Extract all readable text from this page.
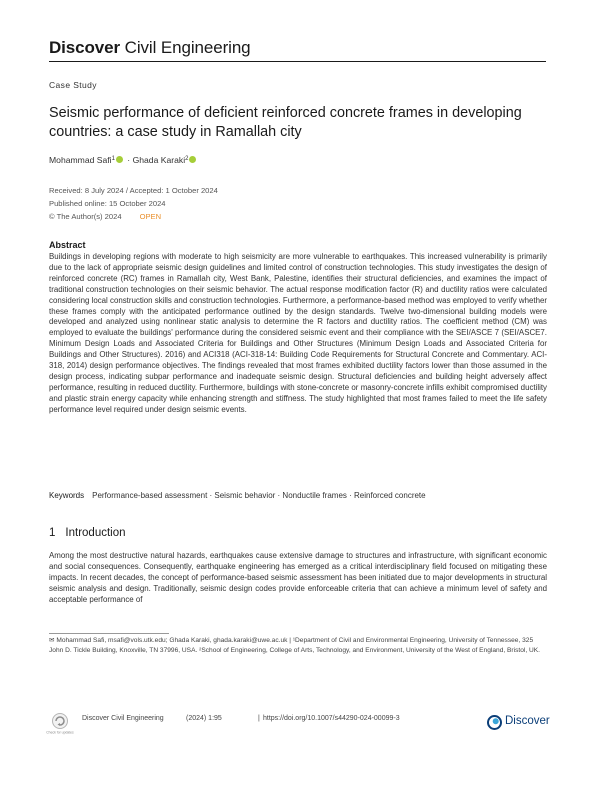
Discover Civil Engineering
Case Study
Seismic performance of deficient reinforced concrete frames in developing countries: a case study in Ramallah city
Mohammad Safi$^1$ · Ghada Karaki$^2$
Received: 8 July 2024 / Accepted: 1 October 2024
Published online: 15 October 2024
© The Author(s) 2024 OPEN
Abstract
Buildings in developing regions with moderate to high seismicity are more vulnerable to earthquakes. This increased vulnerability is primarily due to the lack of appropriate seismic design guidelines and limited control of construction technologies. This study investigates the design of reinforced concrete (RC) frames in Ramallah city, West Bank, Palestine, identifies their structural deficiencies, and examines the impact of traditional construction technologies on their seismic behavior. The actual response modification factor (R) and ductility ratios were calculated considering local construction skills and construction technologies. Furthermore, a performance-based method was employed to verify whether these frames comply with the anticipated performance outlined by the design standards. Twelve two-dimensional building models were developed and analyzed using nonlinear static analysis to determine the R factors and ductility ratios. The coefficient method (CM) was employed to evaluate the buildings' performance during the considered seismic event and their compliance with the SEI/ASCE 7 (SEI/ASCE7. Minimum Design Loads and Associated Criteria for Buildings and Other Structures (Minimum Design Loads and Associated Criteria for Buildings and Other Structures). 2016) and ACI318 (ACI-318-14: Building Code Requirements for Structural Concrete and Commentary. ACI-318, 2014) design performance objectives. The findings revealed that most frames exhibited ductility factors lower than those assumed in the design process, indicating subpar performance and inadequate seismic design. Structural deficiencies and building height adversely affect performance, resulting in reduced ductility. Furthermore, buildings with stone-concrete or masonry-concrete infills exhibit compromised ductility and plastic strain energy capacity while enhancing strength and stiffness. The study highlighted that most frames failed to meet the life safety performance level required under design seismic events.
Keywords Performance-based assessment · Seismic behavior · Nonductile frames · Reinforced concrete
1 Introduction
Among the most destructive natural hazards, earthquakes cause extensive damage to structures and infrastructure, with significant economic and social consequences. Consequently, earthquake engineering has emerged as a critical interdisciplinary field focused on mitigating these impacts. In recent decades, the concept of performance-based seismic assessment has been initiated due to major developments in structural seismic analysis and design. Traditionally, seismic design codes provide enforceable criteria that can achieve a minimum level of safety and acceptable performance of
✉ Mohammad Safi, msafi@vols.utk.edu; Ghada Karaki, ghada.karaki@uwe.ac.uk | ¹Department of Civil and Environmental Engineering, University of Tennessee, 325 John D. Tickle Building, Knoxville, TN 37996, USA. ²School of Engineering, College of Arts, Technology, and Environment, University of the West of England, Bristol, UK.
Check for updates
Discover Civil Engineering	(2024) 1:95	| https://doi.org/10.1007/s44290-024-00099-3	Discover
